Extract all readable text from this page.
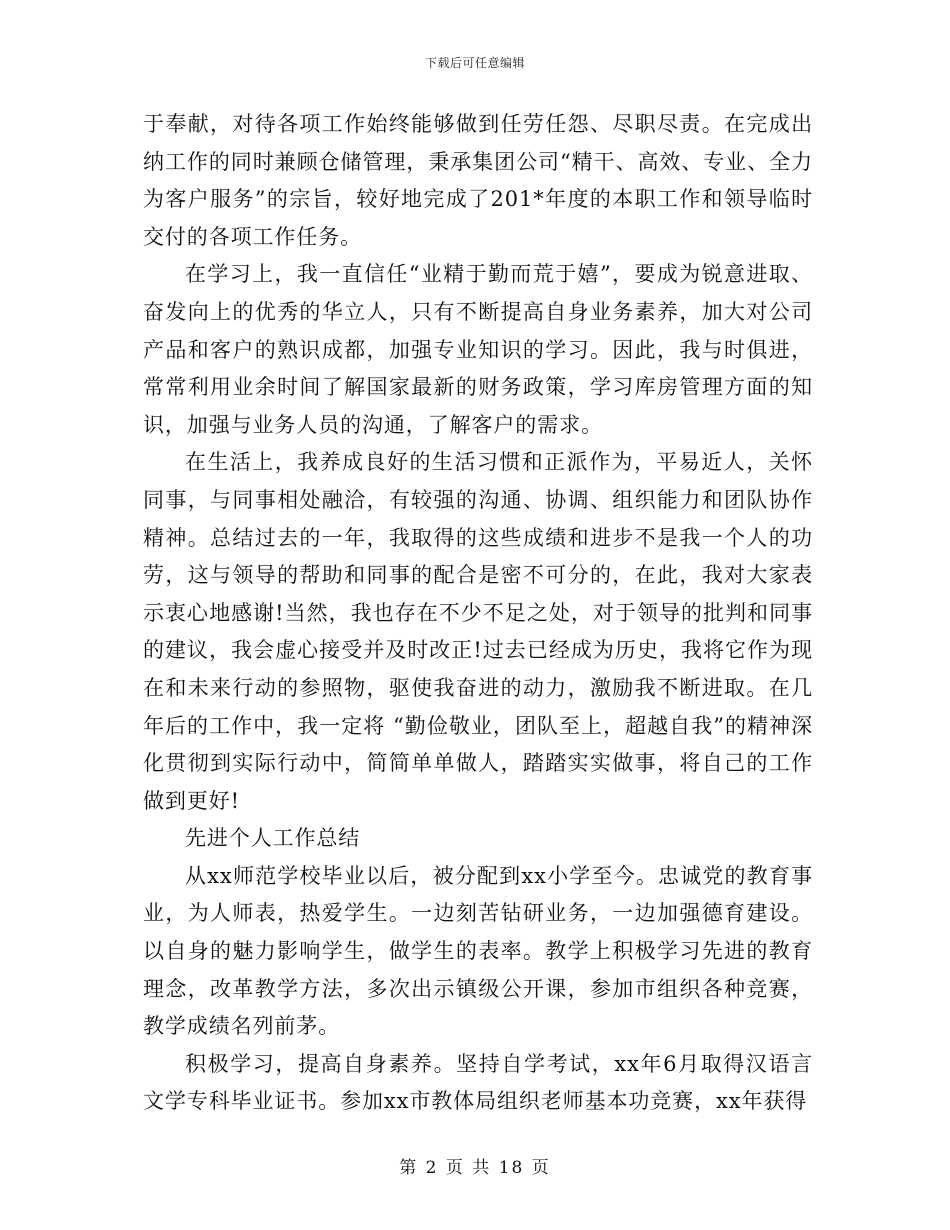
下载后可任意编辑

于奉献，对待各项工作始终能够做到任劳任怨、尽职尽责。在完成出纳工作的同时兼顾仓储管理，秉承集团公司“精干、高效、专业、全力为客户服务”的宗旨，较好地完成了201*年度的本职工作和领导临时交付的各项工作任务。

在学习上，我一直信任“业精于勤而荒于嬉”，要成为锐意进取、奋发向上的优秀的华立人，只有不断提高自身业务素养，加大对公司产品和客户的熟识成都，加强专业知识的学习。因此，我与时俱进，常常利用业余时间了解国家最新的财务政策，学习库房管理方面的知识，加强与业务人员的沟通，了解客户的需求。

在生活上，我养成良好的生活习惯和正派作为，平易近人，关怀同事，与同事相处融洽，有较强的沟通、协调、组织能力和团队协作精神。总结过去的一年，我取得的这些成绩和进步不是我一个人的功劳，这与领导的帮助和同事的配合是密不可分的，在此，我对大家表示衷心地感谢!当然，我也存在不少不足之处，对于领导的批判和同事的建议，我会虚心接受并及时改正!过去已经成为历史，我将它作为现在和未来行动的参照物，驱使我奋进的动力，激励我不断进取。在几年后的工作中，我一定将 “勤俭敬业，团队至上，超越自我”的精神深化贯彻到实际行动中，简简单单做人，踏踏实实做事，将自己的工作做到更好!

先进个人工作总结

从xx师范学校毕业以后，被分配到xx小学至今。忠诚党的教育事业，为人师表，热爱学生。一边刻苦钻研业务，一边加强德育建设。以自身的魅力影响学生，做学生的表率。教学上积极学习先进的教育理念，改革教学方法，多次出示镇级公开课，参加市组织各种竞赛，教学成绩名列前茅。

积极学习，提高自身素养。坚持自学考试，xx年6月取得汉语言文学专科毕业证书。参加xx市教体局组织老师基本功竞赛，xx年获得

第 2 页 共 18 页
